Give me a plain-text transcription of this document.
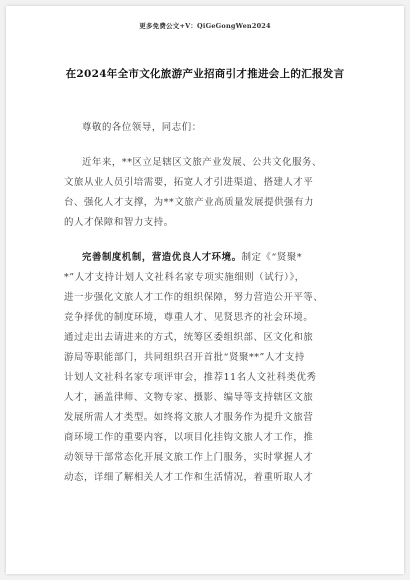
更多免费公文+V：QiGeGongWen2024
在2024年全市文化旅游产业招商引才推进会上的汇报发言
尊敬的各位领导，同志们：
近年来，**区立足辖区文旅产业发展、公共文化服务、
文旅从业人员引培需要，拓宽人才引进渠道、搭建人才平
台、强化人才支撑，为**文旅产业高质量发展提供强有力
的人才保障和智力支持。
完善制度机制，营造优良人才环境。制定《“贤聚*
*”人才支持计划人文社科名家专项实施细则（试行）》，
进一步强化文旅人才工作的组织保障，努力营造公开平等、
竞争择优的制度环境，尊重人才、见贤思齐的社会环境。
通过走出去请进来的方式，统筹区委组织部、区文化和旅
游局等职能部门，共同组织召开首批“贤聚**”人才支持
计划人文社科名家专项评审会，推荐11名人文社科类优秀
人才，涵盖律师、文物专家、摄影、编导等支持辖区文旅
发展所需人才类型。如终将文旅人才服务作为提升文旅营
商环境工作的重要内容，以项目化挂钩文旅人才工作，推
动领导干部常态化开展文旅工作上门服务，实时掌握人才
动态，详细了解相关人才工作和生活情况，着重听取人才
